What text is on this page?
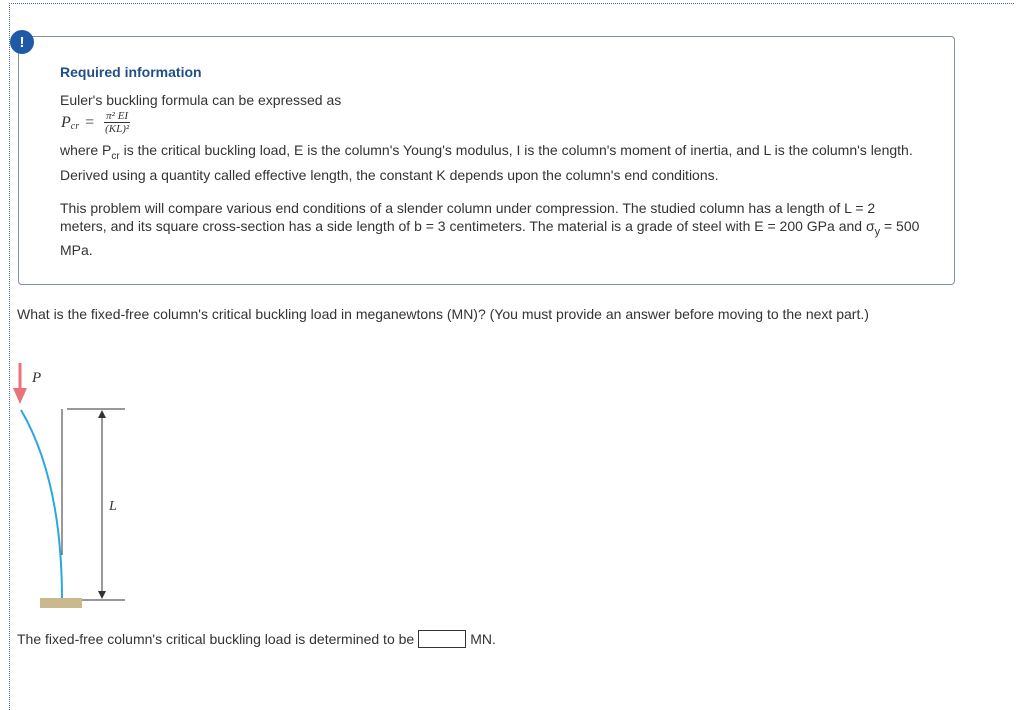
!
Required information
Euler's buckling formula can be expressed as
P cr = $\frac{\text{π² EI}}{\text{(KL)²}}$
where $P_{cr}$ is the critical buckling load, E is the column's Young's modulus, I is the column's moment of inertia, and L is the column's length. Derived using a quantity called effective length, the constant K depends upon the column's end conditions.
This problem will compare various end conditions of a slender column under compression. The studied column has a length of L = 2 meters, and its square cross-section has a side length of b = 3 centimeters. The material is a grade of steel with E = 200 GPa and $\sigma_y = 500$ MPa.
What is the fixed-free column's critical buckling load in meganewtons (MN)? (You must provide an answer before moving to the next part.)
P
L
The fixed-free column's critical buckling load is determined to be	MN.
